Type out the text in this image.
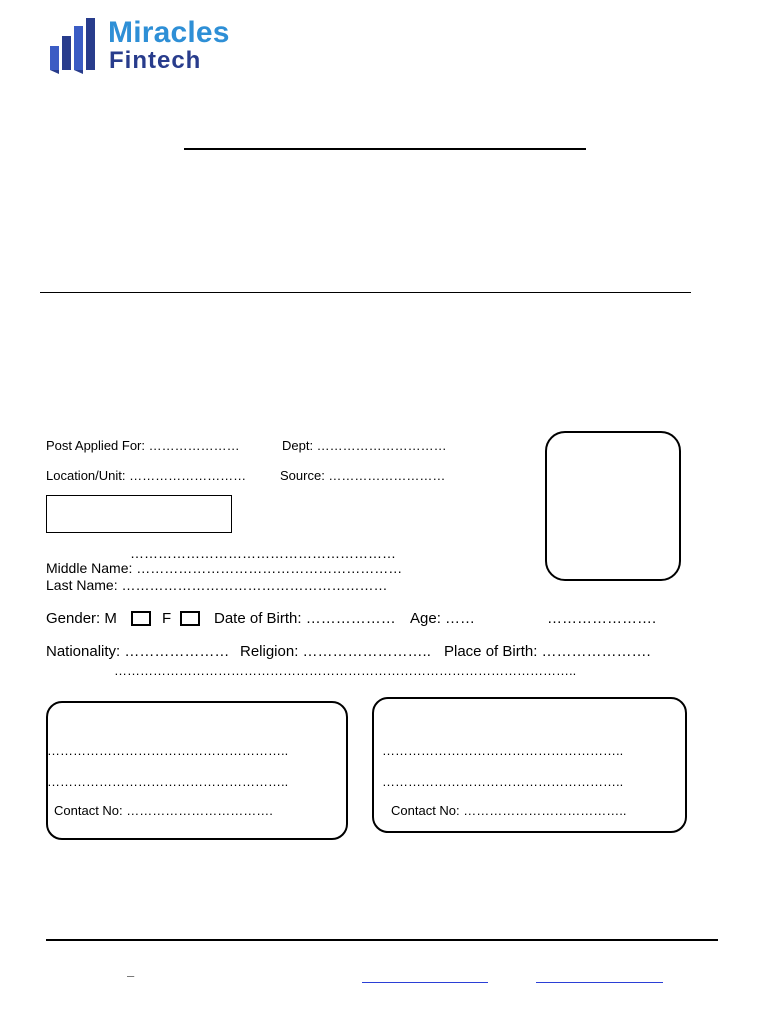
Miracles
Fintech
Post Applied For: …………………	Dept: …………………………
Location/Unit: ………………………	Source: ………………………
…………………………………………………
Middle Name: …………………………………………………
Last Name: …………………………………………………
Gender: M	F	Date of Birth: ……………… Age: ……	………………….
Nationality: ………………… Religion: …………………….. Place of Birth: ………………….
……………………………………………………………………………………………..
………………………………………………..
………………………………………………..
Contact No: …………………………….
………………………………………………..
………………………………………………..
Contact No: ………………………………..
–
